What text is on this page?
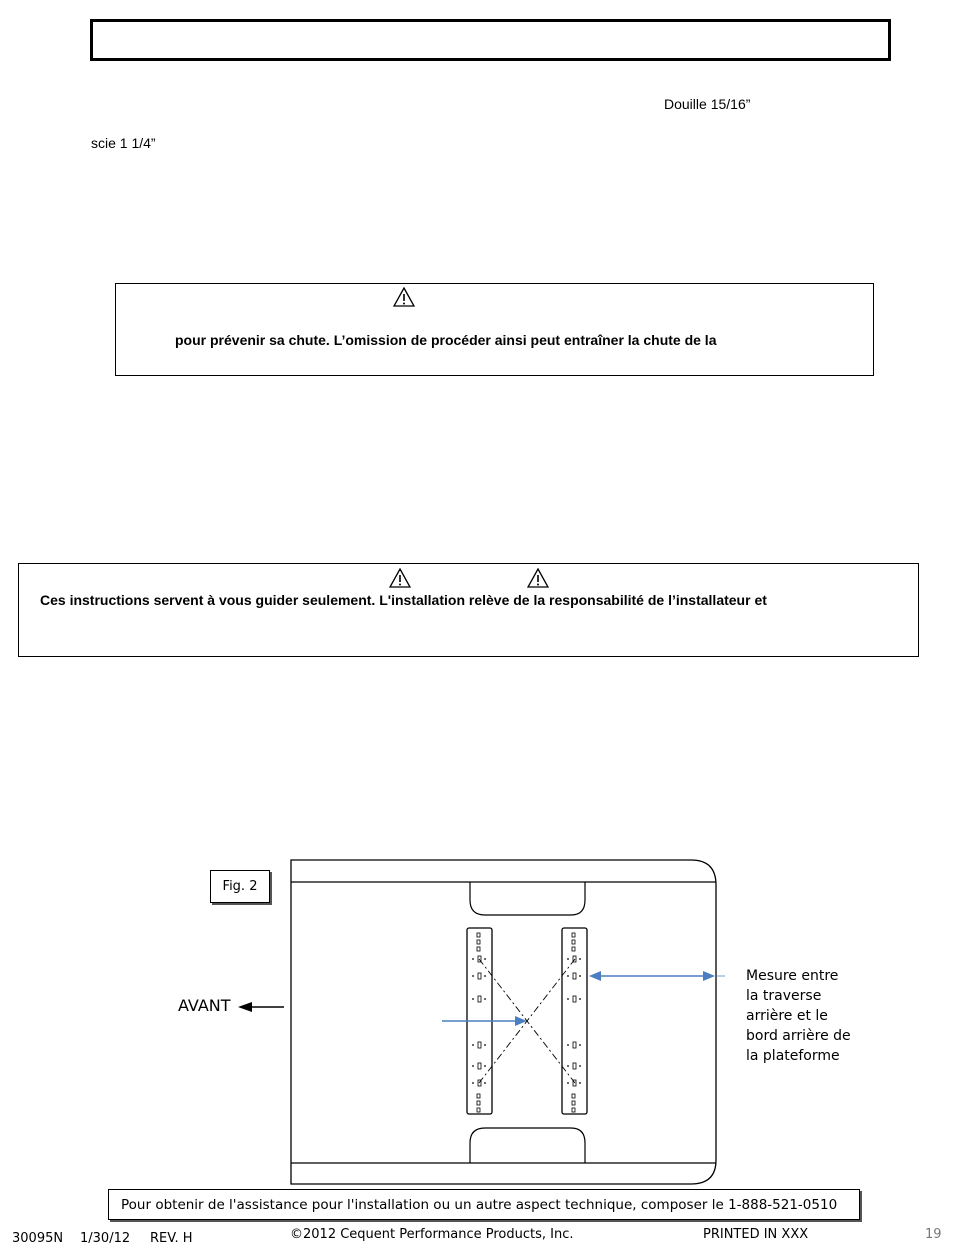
Douille 15/16”
scie 1 1/4”
pour prévenir sa chute. L’omission de procéder ainsi peut entraîner la chute de la
Ces instructions servent à vous guider seulement. L'installation relève de la responsabilité de l’installateur et
Fig. 2
AVANT
Mesure entre
la traverse
arrière et le
bord arrière de
la plateforme
Pour obtenir de l'assistance pour l'installation ou un autre aspect technique, composer le 1-888-521-0510
30095N 1/30/12 REV. H	©2012 Cequent Performance Products, Inc.	PRINTED IN XXX	19
